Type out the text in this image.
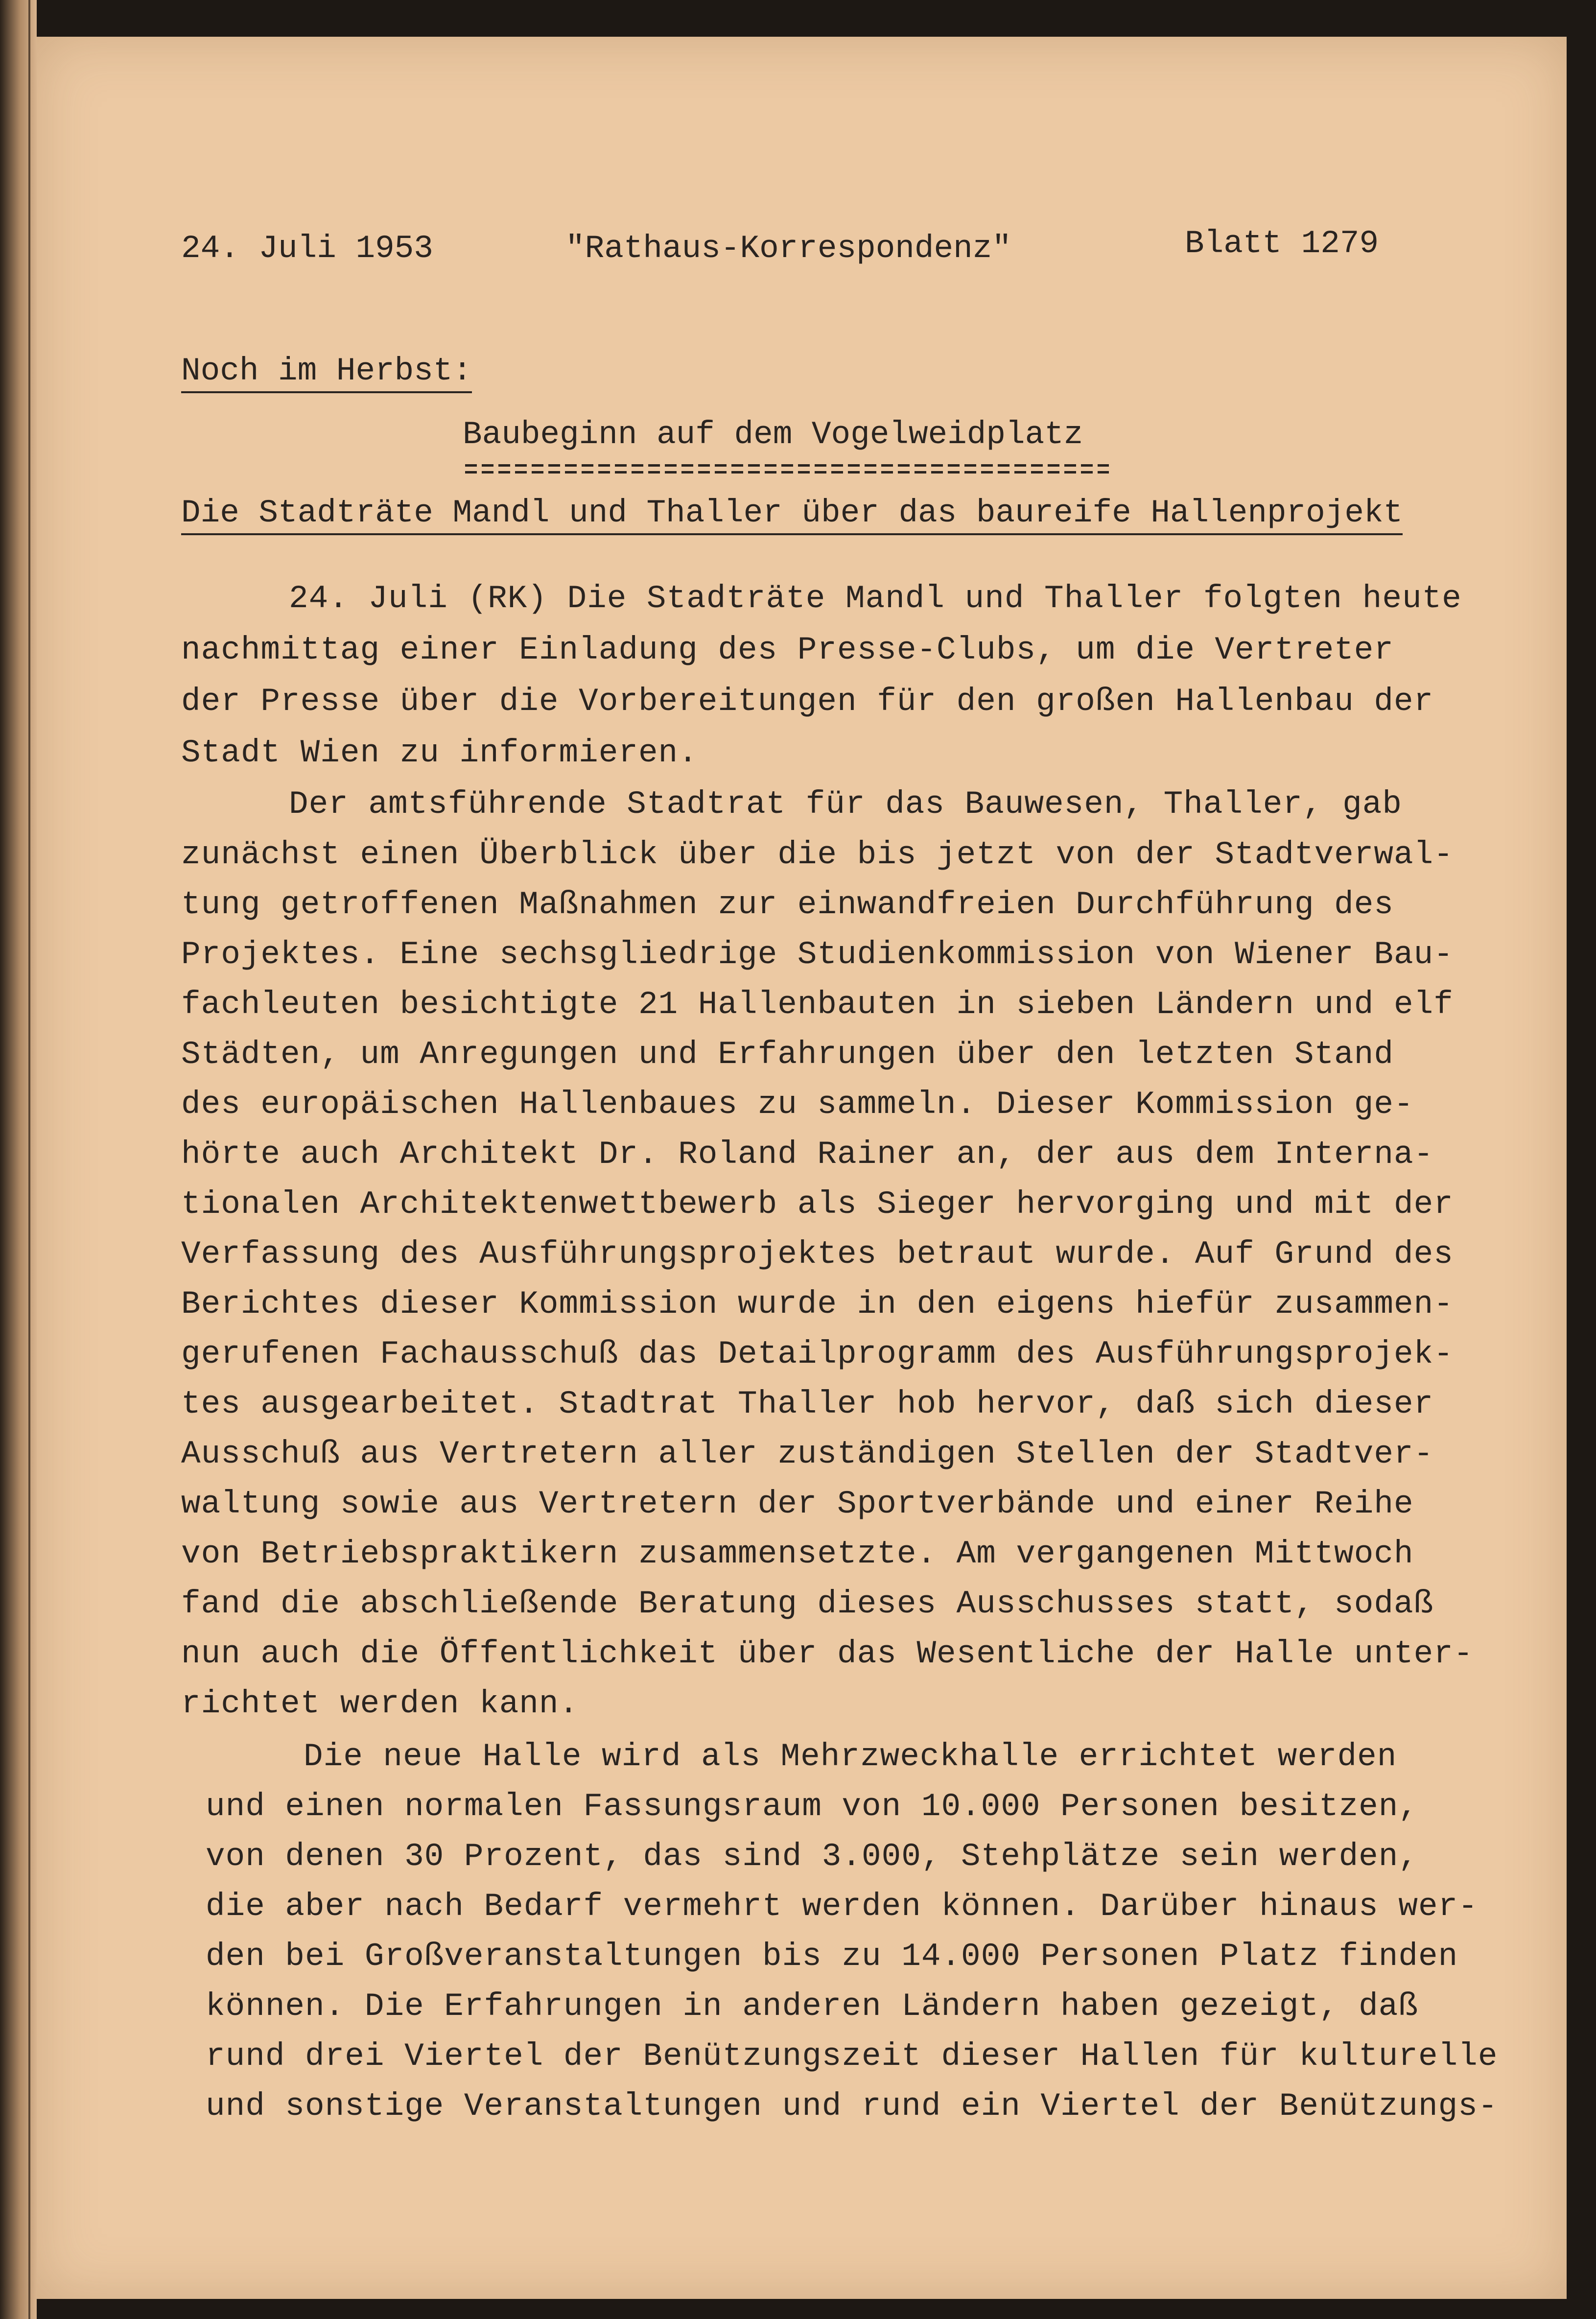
24. Juli 1953	"Rathaus-Korrespondenz"	Blatt 1279
Noch im Herbst:
Baubeginn auf dem Vogelweidplatz
Die Stadträte Mandl und Thaller über das baureife Hallenprojekt
24. Juli (RK) Die Stadträte Mandl und Thaller folgten heute
nachmittag einer Einladung des Presse-Clubs, um die Vertreter
der Presse über die Vorbereitungen für den großen Hallenbau der
Stadt Wien zu informieren.
Der amtsführende Stadtrat für das Bauwesen, Thaller, gab
zunächst einen Überblick über die bis jetzt von der Stadtverwal-
tung getroffenen Maßnahmen zur einwandfreien Durchführung des
Projektes. Eine sechsgliedrige Studienkommission von Wiener Bau-
fachleuten besichtigte 21 Hallenbauten in sieben Ländern und elf
Städten, um Anregungen und Erfahrungen über den letzten Stand
des europäischen Hallenbaues zu sammeln. Dieser Kommission ge-
hörte auch Architekt Dr. Roland Rainer an, der aus dem Interna-
tionalen Architektenwettbewerb als Sieger hervorging und mit der
Verfassung des Ausführungsprojektes betraut wurde. Auf Grund des
Berichtes dieser Kommission wurde in den eigens hiefür zusammen-
gerufenen Fachausschuß das Detailprogramm des Ausführungsprojek-
tes ausgearbeitet. Stadtrat Thaller hob hervor, daß sich dieser
Ausschuß aus Vertretern aller zuständigen Stellen der Stadtver-
waltung sowie aus Vertretern der Sportverbände und einer Reihe
von Betriebspraktikern zusammensetzte. Am vergangenen Mittwoch
fand die abschließende Beratung dieses Ausschusses statt, sodaß
nun auch die Öffentlichkeit über das Wesentliche der Halle unter-
richtet werden kann.
Die neue Halle wird als Mehrzweckhalle errichtet werden
und einen normalen Fassungsraum von 10.000 Personen besitzen,
von denen 30 Prozent, das sind 3.000, Stehplätze sein werden,
die aber nach Bedarf vermehrt werden können. Darüber hinaus wer-
den bei Großveranstaltungen bis zu 14.000 Personen Platz finden
können. Die Erfahrungen in anderen Ländern haben gezeigt, daß
rund drei Viertel der Benützungszeit dieser Hallen für kulturelle
und sonstige Veranstaltungen und rund ein Viertel der Benützungs-
